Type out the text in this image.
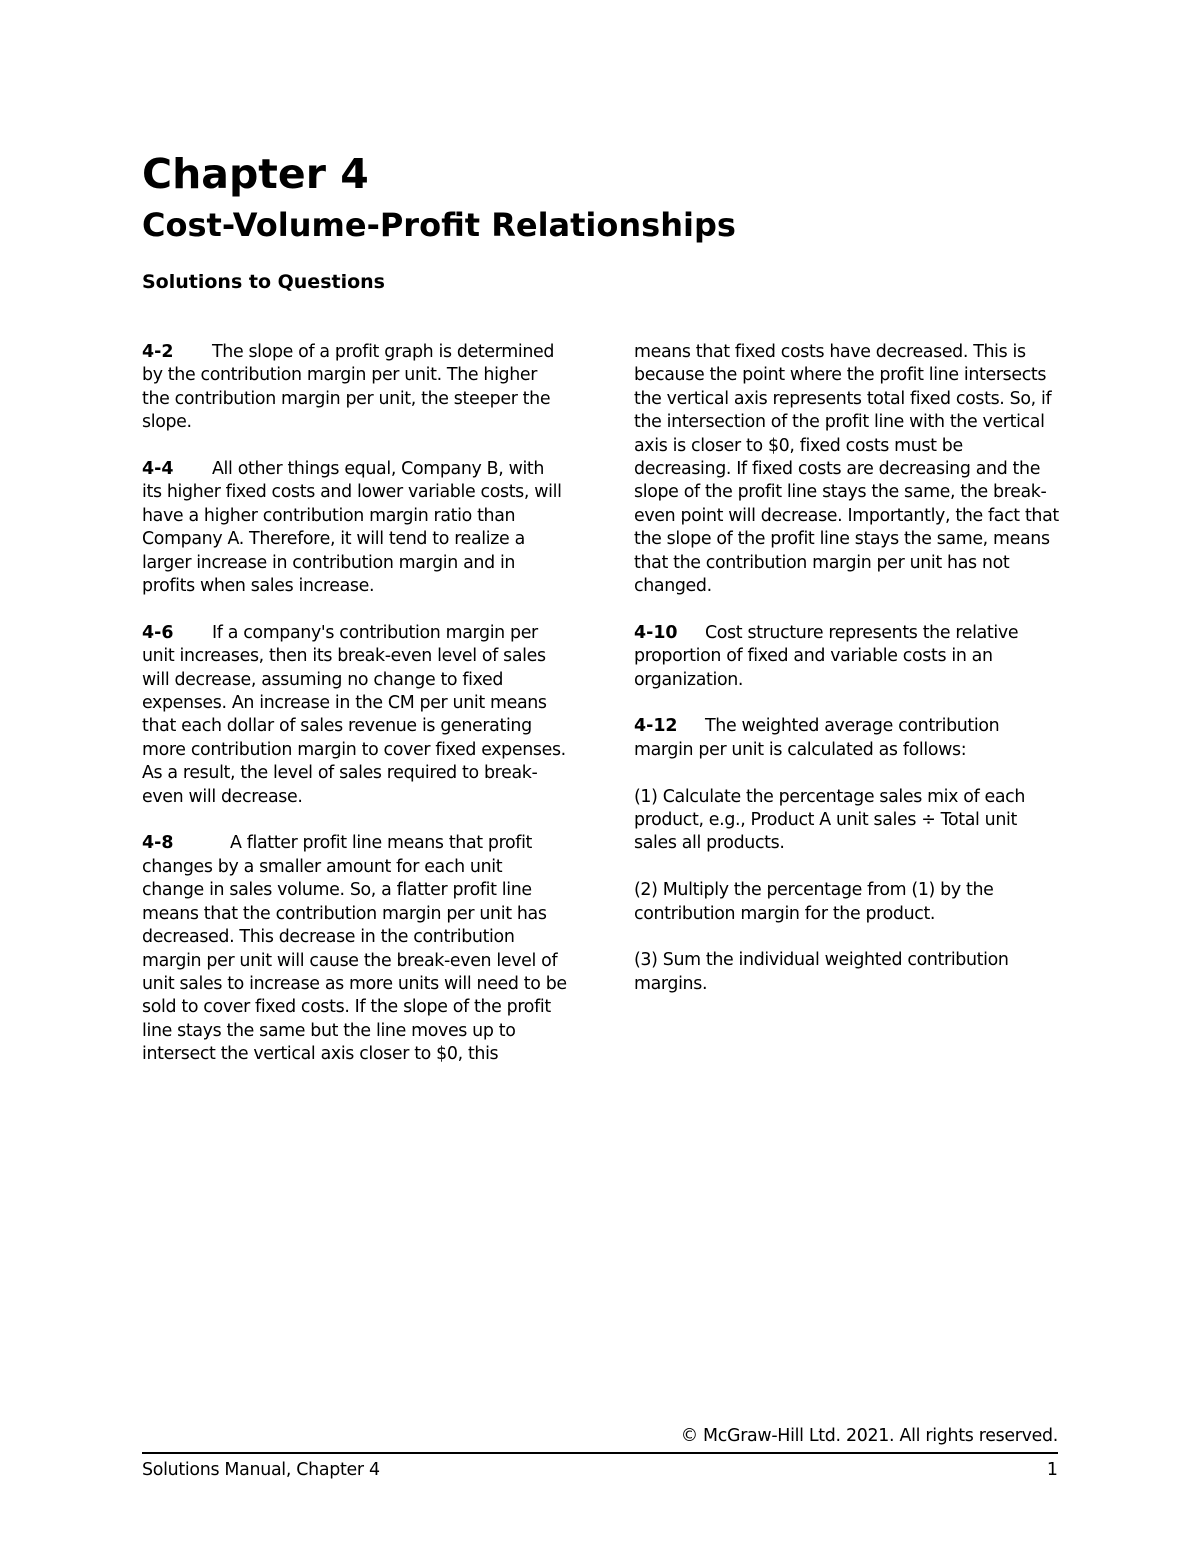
Chapter 4
Cost-Volume-Profit Relationships
Solutions to Questions

4-2 The slope of a profit graph is determined by the contribution margin per unit. The higher the contribution margin per unit, the steeper the slope.

4-4 All other things equal, Company B, with its higher fixed costs and lower variable costs, will have a higher contribution margin ratio than Company A. Therefore, it will tend to realize a larger increase in contribution margin and in profits when sales increase.

4-6 If a company's contribution margin per unit increases, then its break-even level of sales will decrease, assuming no change to fixed expenses. An increase in the CM per unit means that each dollar of sales revenue is generating more contribution margin to cover fixed expenses. As a result, the level of sales required to break-even will decrease.

4-8	A flatter profit line means that profit changes by a smaller amount for each unit change in sales volume. So, a flatter profit line means that the contribution margin per unit has decreased. This decrease in the contribution margin per unit will cause the break-even level of unit sales to increase as more units will need to be sold to cover fixed costs. If the slope of the profit line stays the same but the line moves up to intersect the vertical axis closer to $0, this

means that fixed costs have decreased. This is because the point where the profit line intersects the vertical axis represents total fixed costs. So, if the intersection of the profit line with the vertical axis is closer to $0, fixed costs must be decreasing. If fixed costs are decreasing and the slope of the profit line stays the same, the break-even point will decrease. Importantly, the fact that the slope of the profit line stays the same, means that the contribution margin per unit has not changed.

4-10 Cost structure represents the relative proportion of fixed and variable costs in an organization.

4-12 The weighted average contribution margin per unit is calculated as follows:

(1) Calculate the percentage sales mix of each product, e.g., Product A unit sales ÷ Total unit sales all products.

(2) Multiply the percentage from (1) by the contribution margin for the product.

(3) Sum the individual weighted contribution margins.

© McGraw-Hill Ltd. 2021. All rights reserved.
Solutions Manual, Chapter 4	1
